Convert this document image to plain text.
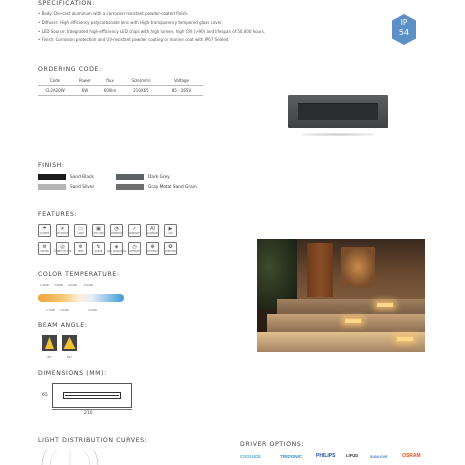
SPECIFICATION:
• Body: Die-cast aluminum with a corrosion-resistant powder-coated finish.
• Diffuser: High efficiency polycarbonate lens with High-transparency tempered glass cover.
• LED Source: Integrated high-efficiency LED chips with high lumen, high CRI (>90) and lifespan of 50,000 hours.
• Finish: Corrosion protection and UV-resistant powder coating or marine coat with IP67 Sealed.
IP
54
ORDERING CODE:
Code	Power	flux	Size(mm)	Voltage
CL2A20W	6W	600lm	210X65	85 - 265V
FINISH:
Sand Black
Sand Silver
Dark Grey
Gray Metal Sand Grain
FEATURES:
☂
IP RATED
☀
UV PROOF
▭
LAMP
▣
LED CHIP
◔
DIMMABLE
✓
WARRANTY
Al
ALUMINUM
▶
CRI
⚙
DRIVER
◎
POWER FACTOR
❄
TEMP
↯
SURGE
◈
ANTI CORROSION
◷
LIFESPAN
❋
EFFICIENCY
✪
CERTIFIED
COLOR TEMPERATURE:
2,200K 3,000K 4,000K	5,000K
2,700K 3,500K	4,500K
BEAM ANGLE:
45°	60°
DIMENSIONS (MM):
65
210
LIGHT DISTRIBUTION CURVES:
DRIVER OPTIONS:
COOLUCE	TRIDONIC	PHILIPS	LIFUD	SUNLOVE	OSRAM
